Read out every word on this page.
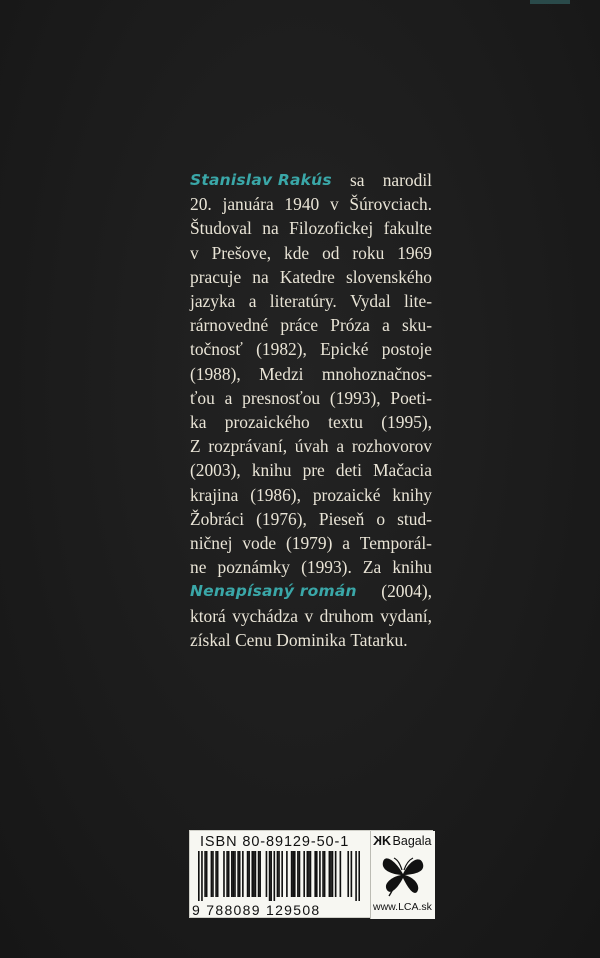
Stanislav Rakús sa narodil
20. januára 1940 v Šúrovciach.
Študoval na Filozofickej fakulte
v Prešove, kde od roku 1969
pracuje na Katedre slovenského
jazyka a literatúry. Vydal lite-
rárnovedné práce Próza a sku-
točnosť (1982), Epické postoje
(1988), Medzi mnohoznačnos-
ťou a presnosťou (1993), Poeti-
ka prozaického textu (1995),
Z rozprávaní, úvah a rozhovorov
(2003), knihu pre deti Mačacia
krajina (1986), prozaické knihy
Žobráci (1976), Pieseň o stud-
ničnej vode (1979) a Temporál-
ne poznámky (1993). Za knihu
Nenapísaný román (2004),
ktorá vychádza v druhom vydaní,
získal Cenu Dominika Tatarku.
ISBN 80-89129-50-1
9 788089 129508
KK Bagala
www.LCA.sk
